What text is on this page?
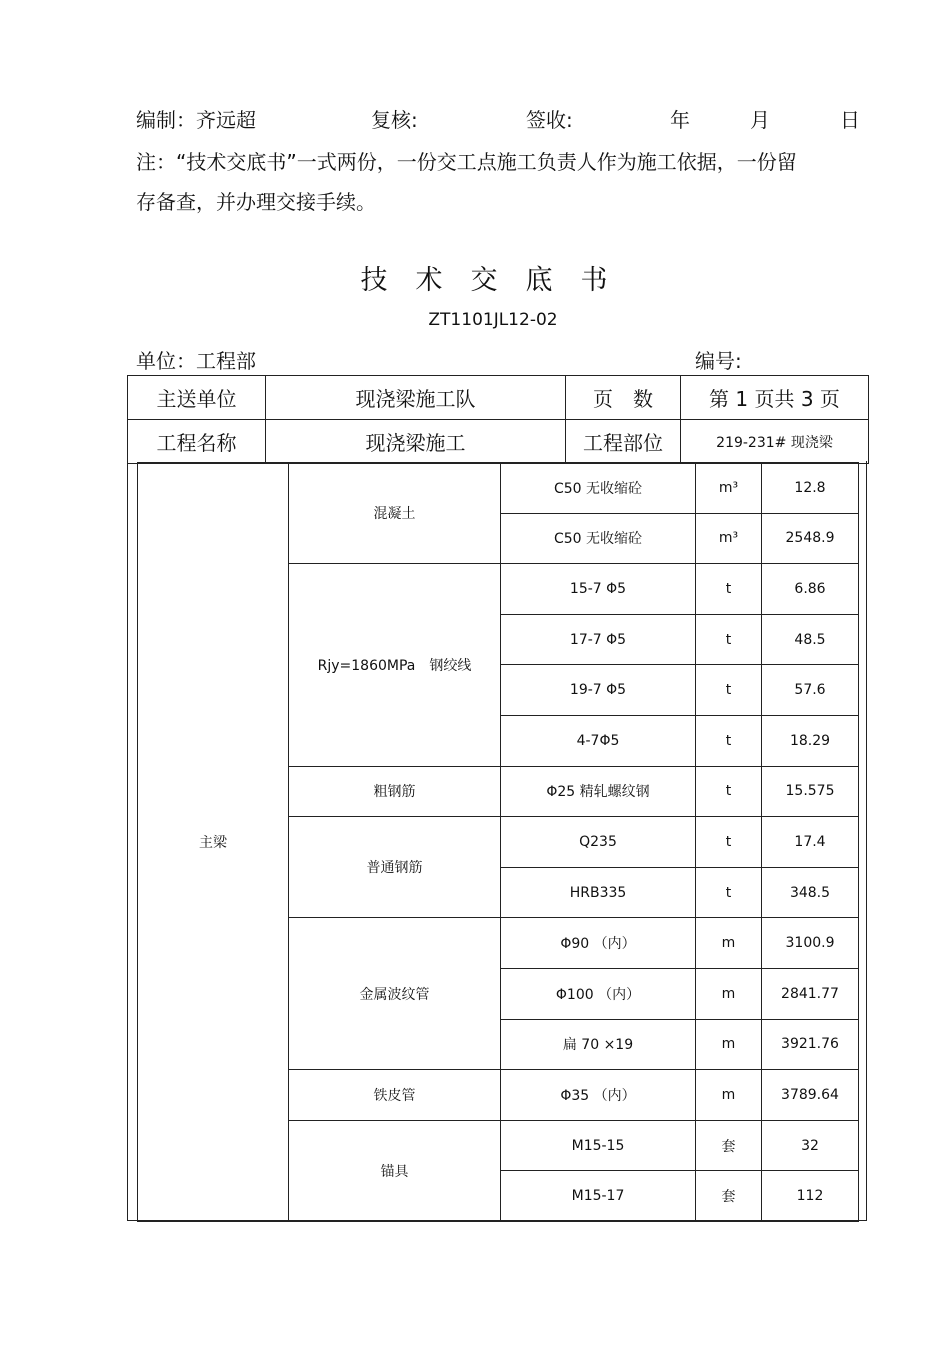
编制：齐远超	复核:	签收:	年	月	日
注：“技术交底书”一式两份，一份交工点施工负责人作为施工依据，一份留
存备查，并办理交接手续。
技术交底书
ZT1101JL12-02
单位：工程部	编号:
主送单位	现浇梁施工队	页　数	第 1 页共 3 页
工程名称	现浇梁施工	工程部位	219-231# 现浇梁
主梁	混凝土	C50 无收缩砼	m³	12.8
		C50 无收缩砼	m³	2548.9
	Rjy=1860MPa　钢绞线	15-7 Φ5	t	6.86
		17-7 Φ5	t	48.5
		19-7 Φ5	t	57.6
		4-7Φ5	t	18.29
	粗钢筋	Φ25 精轧螺纹钢	t	15.575
	普通钢筋	Q235	t	17.4
		HRB335	t	348.5
	金属波纹管	Φ90 （内）	m	3100.9
		Φ100 （内）	m	2841.77
		扁 70 ×19	m	3921.76
	铁皮管	Φ35 （内）	m	3789.64
	锚具	M15-15	套	32
		M15-17	套	112
